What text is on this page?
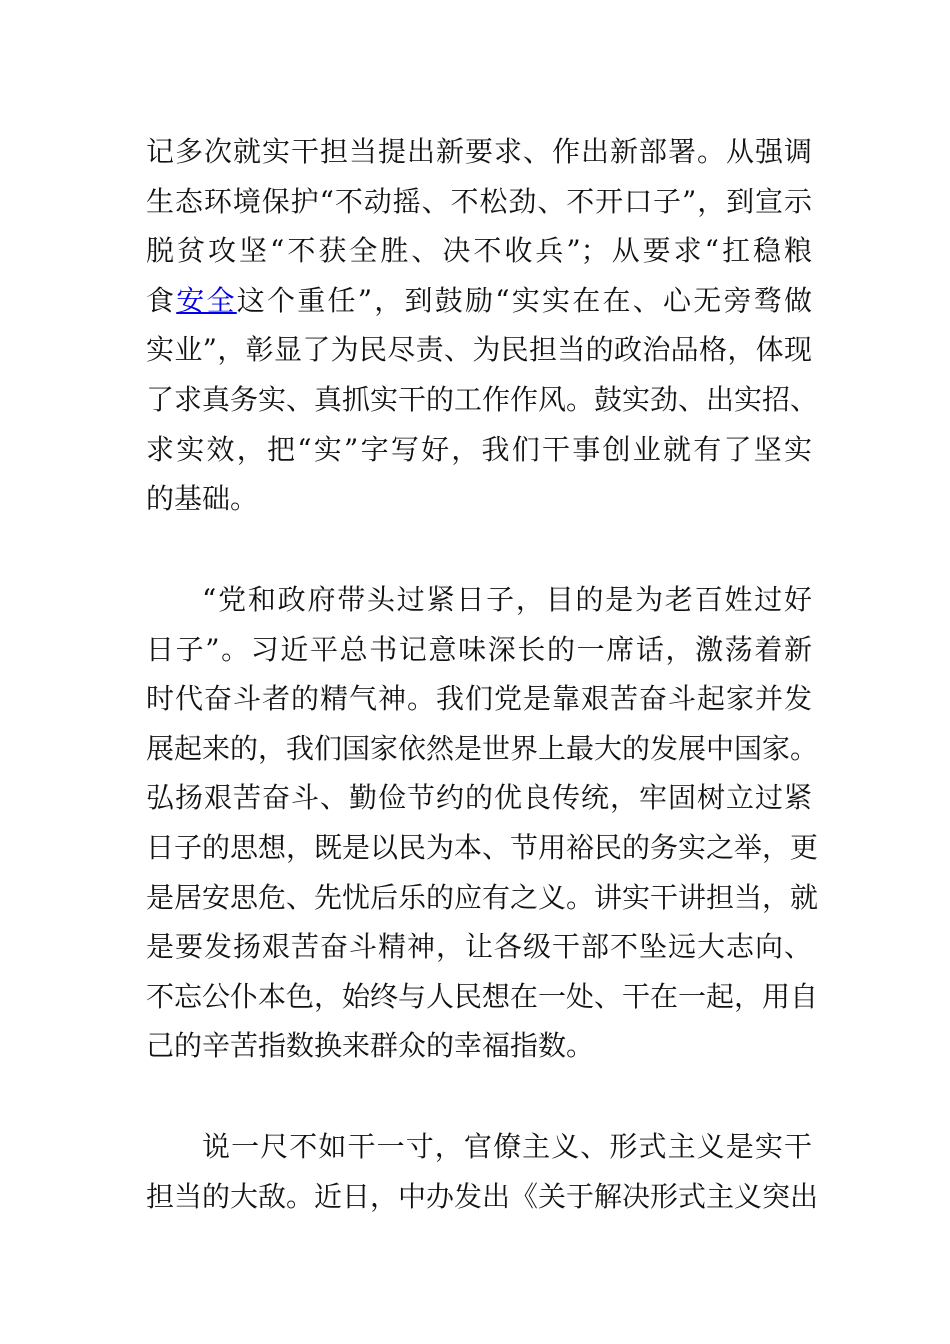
记多次就实干担当提出新要求、作出新部署。从强调
生态环境保护“不动摇、不松劲、不开口子”，到宣示
脱贫攻坚“不获全胜、决不收兵”；从要求“扛稳粮
食安全这个重任”，到鼓励“实实在在、心无旁骛做
实业”，彰显了为民尽责、为民担当的政治品格，体现
了求真务实、真抓实干的工作作风。鼓实劲、出实招、
求实效，把“实”字写好，我们干事创业就有了坚实
的基础。

“党和政府带头过紧日子，目的是为老百姓过好
日子”。习近平总书记意味深长的一席话，激荡着新
时代奋斗者的精气神。我们党是靠艰苦奋斗起家并发
展起来的，我们国家依然是世界上最大的发展中国家。
弘扬艰苦奋斗、勤俭节约的优良传统，牢固树立过紧
日子的思想，既是以民为本、节用裕民的务实之举，更
是居安思危、先忧后乐的应有之义。讲实干讲担当，就
是要发扬艰苦奋斗精神，让各级干部不坠远大志向、
不忘公仆本色，始终与人民想在一处、干在一起，用自
己的辛苦指数换来群众的幸福指数。

说一尺不如干一寸，官僚主义、形式主义是实干
担当的大敌。近日，中办发出《关于解决形式主义突出
